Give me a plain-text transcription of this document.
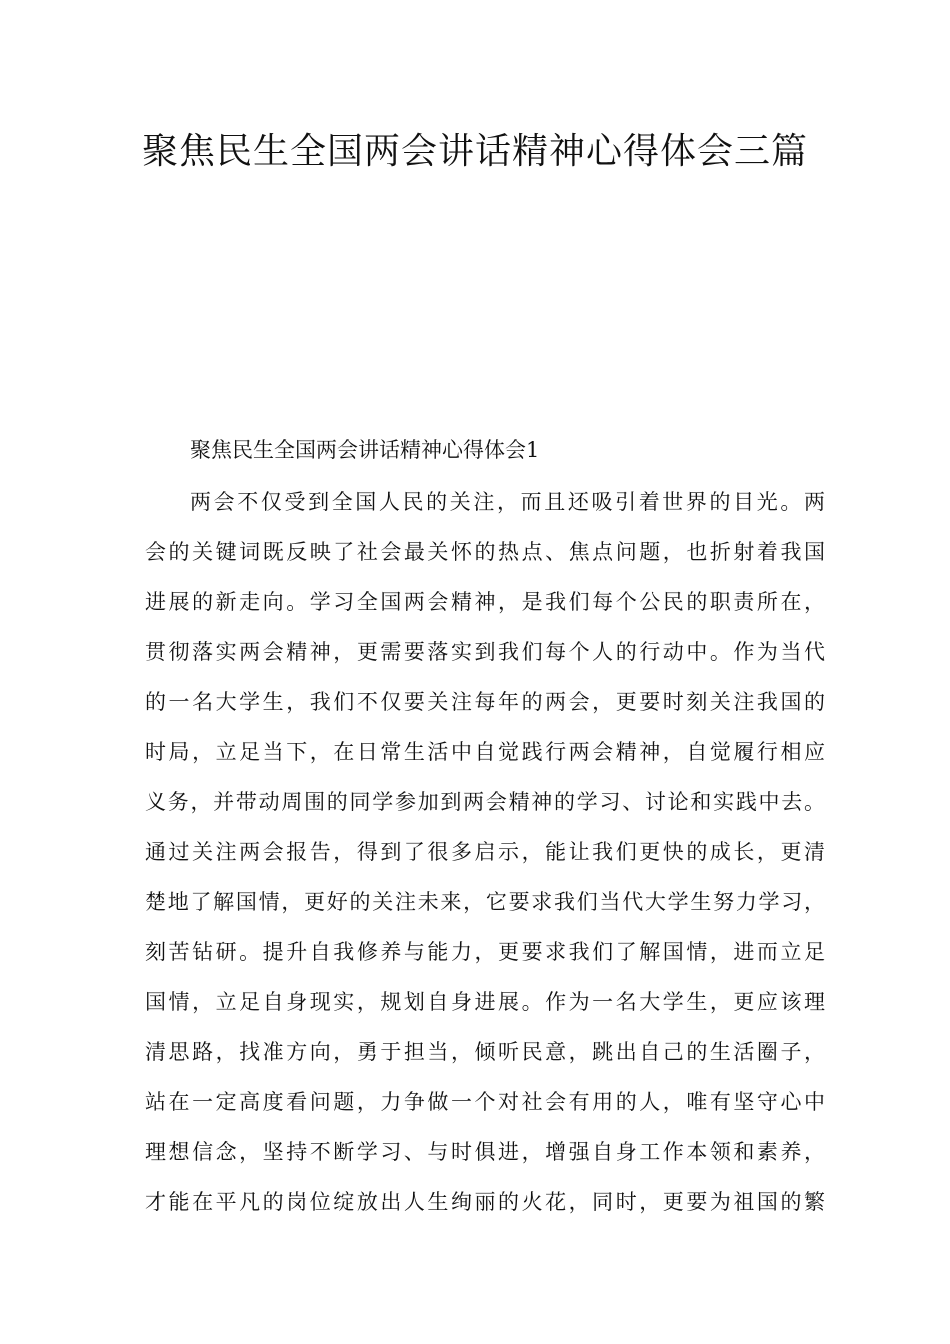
聚焦民生全国两会讲话精神心得体会三篇
聚焦民生全国两会讲话精神心得体会1
两会不仅受到全国人民的关注，而且还吸引着世界的目光。两
会的关键词既反映了社会最关怀的热点、焦点问题，也折射着我国
进展的新走向。学习全国两会精神，是我们每个公民的职责所在，
贯彻落实两会精神，更需要落实到我们每个人的行动中。作为当代
的一名大学生，我们不仅要关注每年的两会，更要时刻关注我国的
时局，立足当下，在日常生活中自觉践行两会精神，自觉履行相应
义务，并带动周围的同学参加到两会精神的学习、讨论和实践中去。
通过关注两会报告，得到了很多启示，能让我们更快的成长，更清
楚地了解国情，更好的关注未来，它要求我们当代大学生努力学习，
刻苦钻研。提升自我修养与能力，更要求我们了解国情，进而立足
国情，立足自身现实，规划自身进展。作为一名大学生，更应该理
清思路，找准方向，勇于担当，倾听民意，跳出自己的生活圈子，
站在一定高度看问题，力争做一个对社会有用的人，唯有坚守心中
理想信念，坚持不断学习、与时俱进，增强自身工作本领和素养，
才能在平凡的岗位绽放出人生绚丽的火花，同时，更要为祖国的繁
